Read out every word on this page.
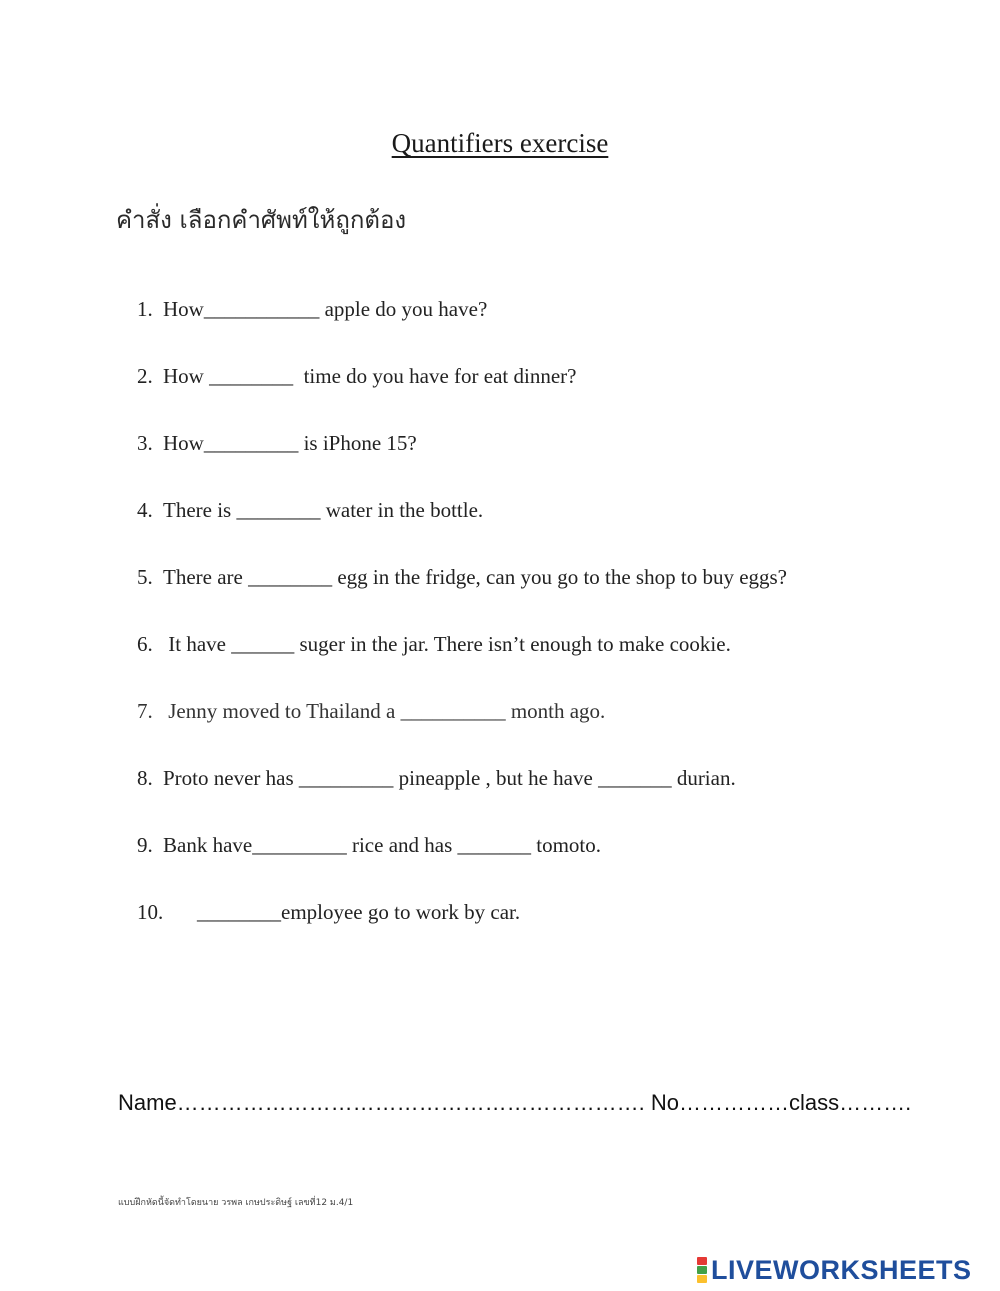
Quantifiers exercise
คำสั่ง เลือกคำศัพท์ให้ถูกต้อง

1. How___________ apple do you have?

2. How ________  time do you have for eat dinner?

3. How_________ is iPhone 15?

4. There is ________ water in the bottle.

5. There are ________ egg in the fridge, can you go to the shop to buy eggs?

6. It have ______ suger in the jar. There isn’t enough to make cookie.

7. Jenny moved to Thailand a __________ month ago.

8. Proto never has _________ pineapple , but he have _______ durian.

9. Bank have_________ rice and has _______ tomoto.

10. ________employee go to work by car.

Name………………………………………………………. No……………class……….
แบบฝึกหัดนี้จัดทำโดยนาย วรพล เกษประดิษฐ์ เลขที่12 ม.4/1
LIVEWORKSHEETS
